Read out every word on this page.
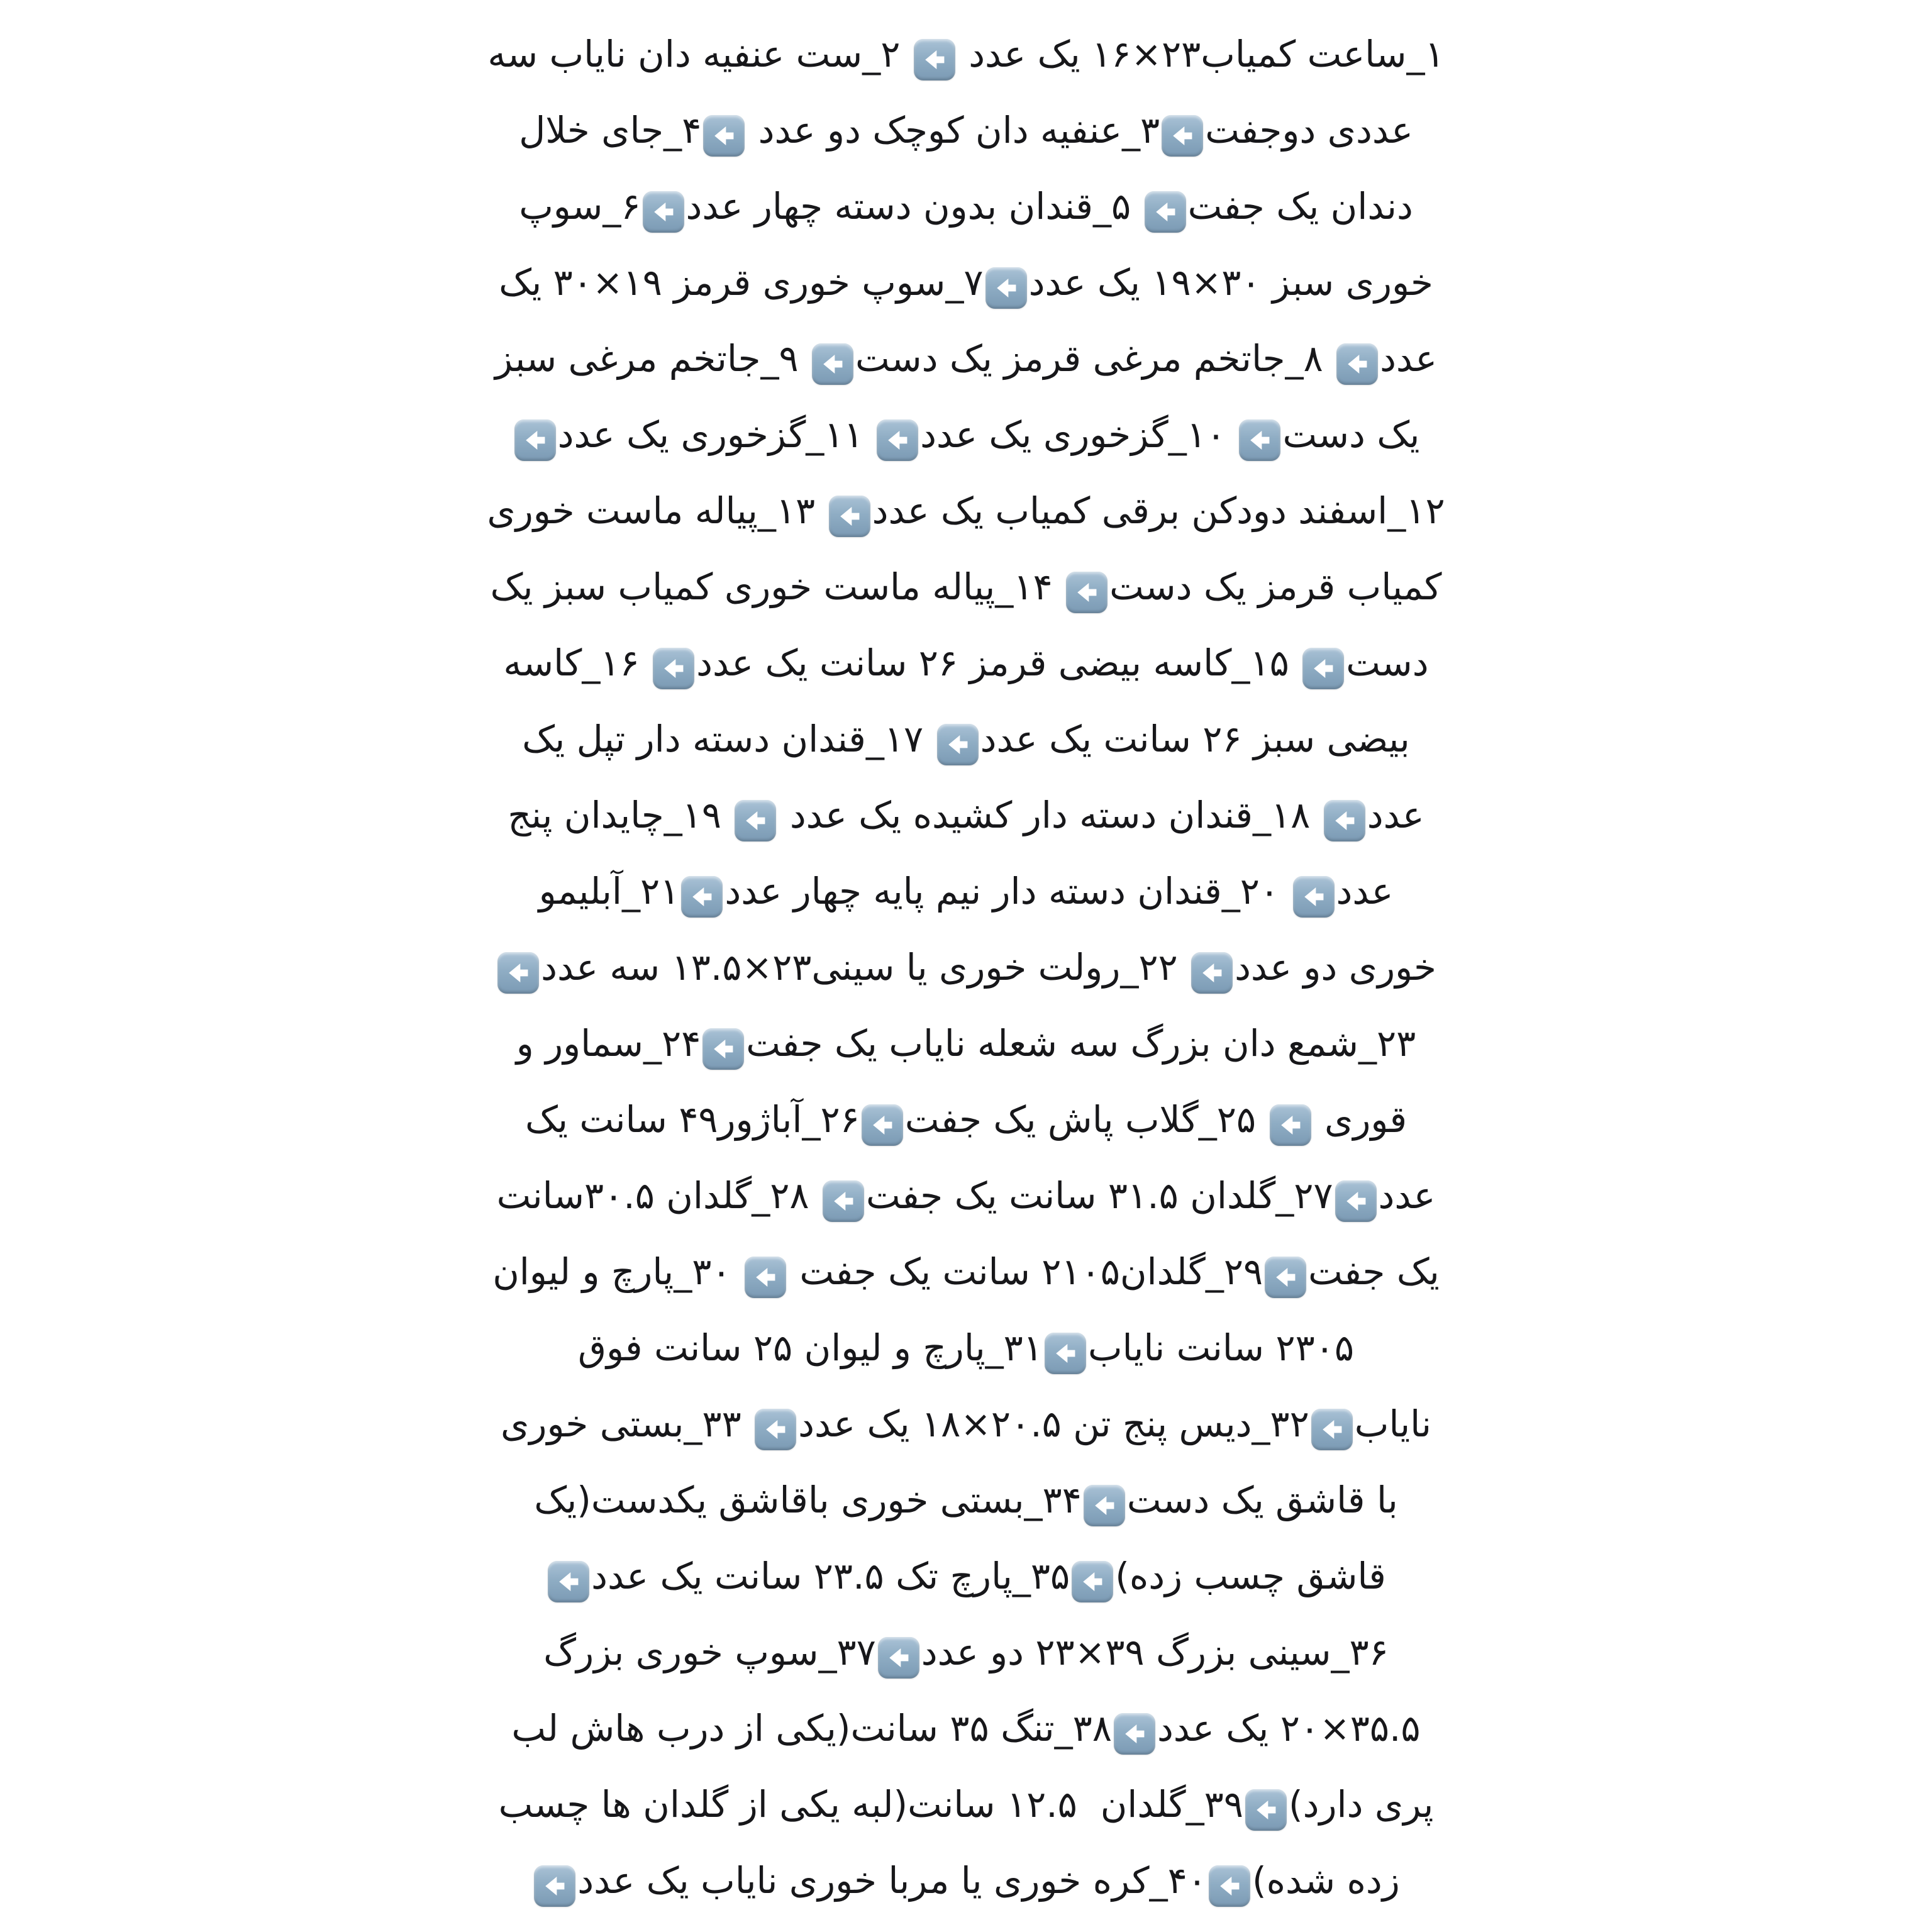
۱_ساعت کمیاب۲۳×۱۶ یک عدد
۲_ست عنفیه دان نایاب سه
عددی دوجفت
۳_عنفیه دان کوچک دو عدد
۴_جای خلال
دندان یک جفت
۵_قندان بدون دسته چهار عدد
۶_سوپ
خوری سبز ۳۰×۱۹ یک عدد
۷_سوپ خوری قرمز ۱۹×۳۰ یک
عدد
۸_جاتخم مرغی قرمز یک دست
۹_جاتخم مرغی سبز
یک دست
۱۰_گزخوری یک عدد
۱۱_گزخوری یک عدد
۱۲_اسفند دودکن برقی کمیاب یک عدد
۱۳_پیاله ماست خوری
کمیاب قرمز یک دست
۱۴_پیاله ماست خوری کمیاب سبز یک
دست
۱۵_کاسه بیضی قرمز ۲۶ سانت یک عدد
۱۶_کاسه
بیضی سبز ۲۶ سانت یک عدد
۱۷_قندان دسته دار تپل یک
عدد
۱۸_قندان دسته دار کشیده یک عدد
۱۹_چایدان پنج
عدد
۲۰_قندان دسته دار نیم پایه چهار عدد
۲۱_آبلیمو
خوری دو عدد
۲۲_رولت خوری یا سینی۲۳×۱۳.۵ سه عدد
۲۳_شمع دان بزرگ سه شعله نایاب یک جفت
۲۴_سماور و
قوری
۲۵_گلاب پاش یک جفت
۲۶_آباژور۴۹ سانت یک
عدد
۲۷_گلدان ۳۱.۵ سانت یک جفت
۲۸_گلدان ۳۰.۵سانت
یک جفت
۲۹_گلدان۲۱۰۵ سانت یک جفت
۳۰_پارچ و لیوان
۲۳۰۵ سانت نایاب
۳۱_پارچ و لیوان ۲۵ سانت فوق
نایاب
۳۲_دیس پنج تن ۲۰.۵×۱۸ یک عدد
۳۳_بستی خوری
با قاشق یک دست
۳۴_بستی خوری باقاشق یکدست(یک
قاشق چسب زده)
۳۵_پارچ تک ۲۳.۵ سانت یک عدد
۳۶_سینی بزرگ ۳۹×۲۳ دو عدد
۳۷_سوپ خوری بزرگ
۳۵.۵×۲۰ یک عدد
۳۸_تنگ ۳۵ سانت(یکی از درب هاش لب
پری دارد)
۳۹_گلدان  ۱۲.۵ سانت(لبه یکی از گلدان ها چسب
زده شده)
۴۰_کره خوری یا مربا خوری نایاب یک عدد
